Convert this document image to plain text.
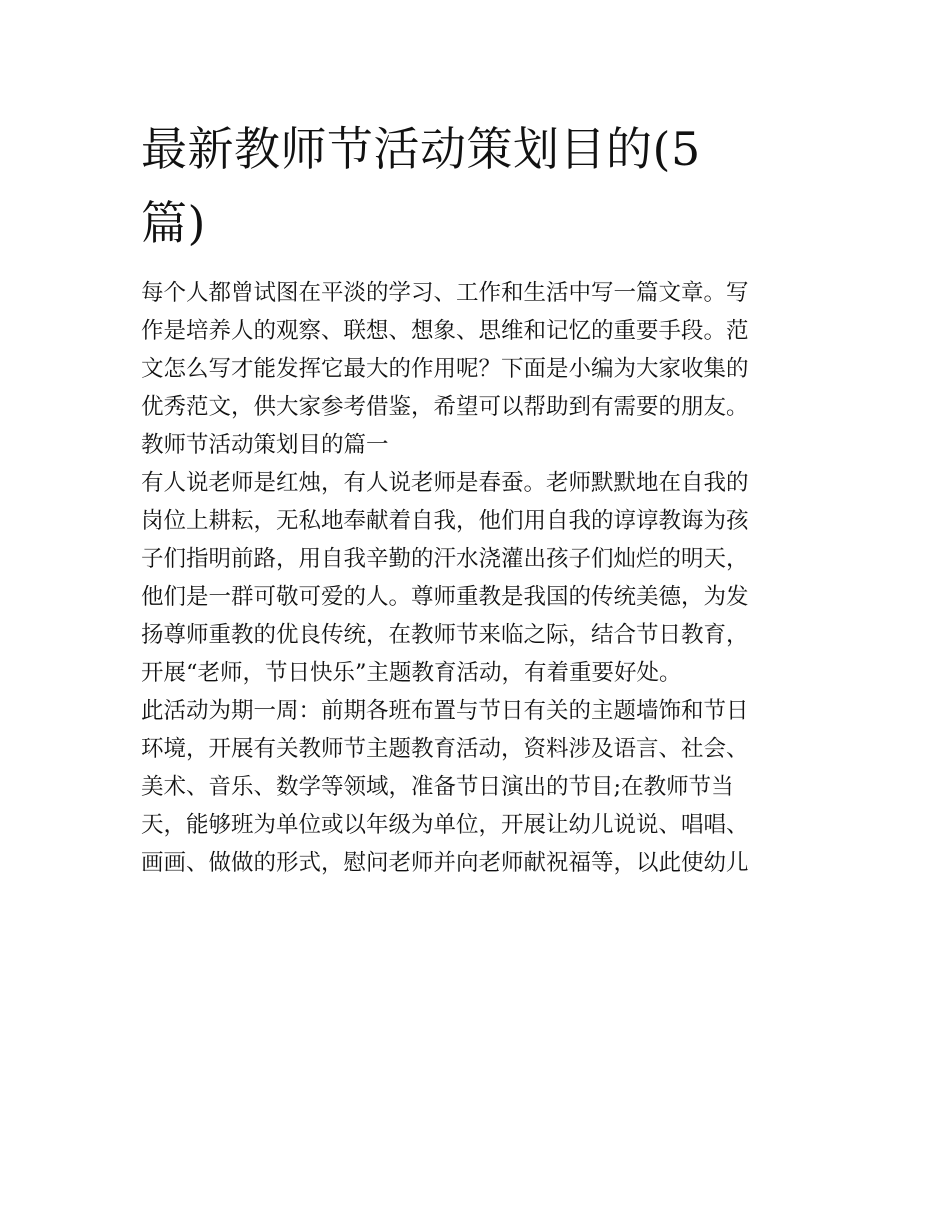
最新教师节活动策划目的(5
篇)

每个人都曾试图在平淡的学习、工作和生活中写一篇文章。写
作是培养人的观察、联想、想象、思维和记忆的重要手段。范
文怎么写才能发挥它最大的作用呢？下面是小编为大家收集的
优秀范文，供大家参考借鉴，希望可以帮助到有需要的朋友。

教师节活动策划目的篇一

有人说老师是红烛，有人说老师是春蚕。老师默默地在自我的
岗位上耕耘，无私地奉献着自我，他们用自我的谆谆教诲为孩
子们指明前路，用自我辛勤的汗水浇灌出孩子们灿烂的明天，
他们是一群可敬可爱的人。尊师重教是我国的传统美德，为发
扬尊师重教的优良传统，在教师节来临之际，结合节日教育，
开展“老师，节日快乐”主题教育活动，有着重要好处。

此活动为期一周：前期各班布置与节日有关的主题墙饰和节日
环境，开展有关教师节主题教育活动，资料涉及语言、社会、
美术、音乐、数学等领域，准备节日演出的节目;在教师节当
天，能够班为单位或以年级为单位，开展让幼儿说说、唱唱、
画画、做做的形式，慰问老师并向老师献祝福等，以此使幼儿
